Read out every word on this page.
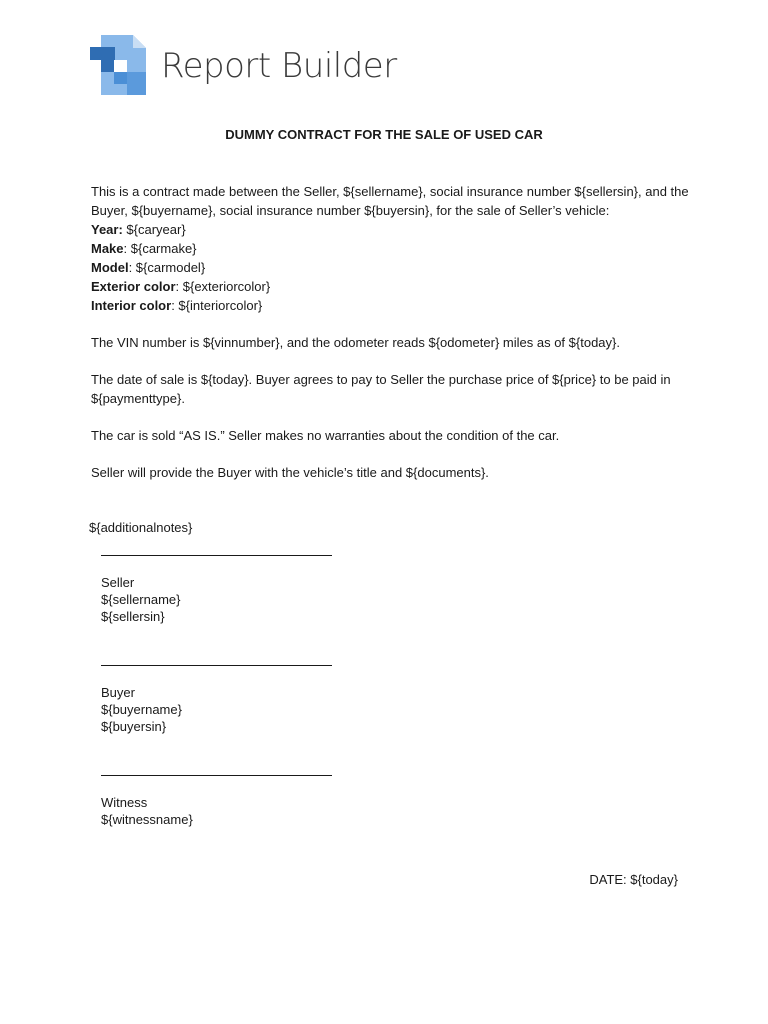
Report Builder
DUMMY CONTRACT FOR THE SALE OF USED CAR

This is a contract made between the Seller, ${sellername}, social insurance number ${sellersin}, and the Buyer, ${buyername}, social insurance number ${buyersin}, for the sale of Seller’s vehicle:

Year: ${caryear}
Make: ${carmake}
Model: ${carmodel}
Exterior color: ${exteriorcolor}
Interior color: ${interiorcolor}

The VIN number is ${vinnumber}, and the odometer reads ${odometer} miles as of ${today}.

The date of sale is ${today}. Buyer agrees to pay to Seller the purchase price of ${price} to be paid in ${paymenttype}.

The car is sold “AS IS.” Seller makes no warranties about the condition of the car.

Seller will provide the Buyer with the vehicle’s title and ${documents}.

${additionalnotes}
Seller
${sellername}
${sellersin}
Buyer
${buyername}
${buyersin}
Witness
${witnessname}
DATE: ${today}
